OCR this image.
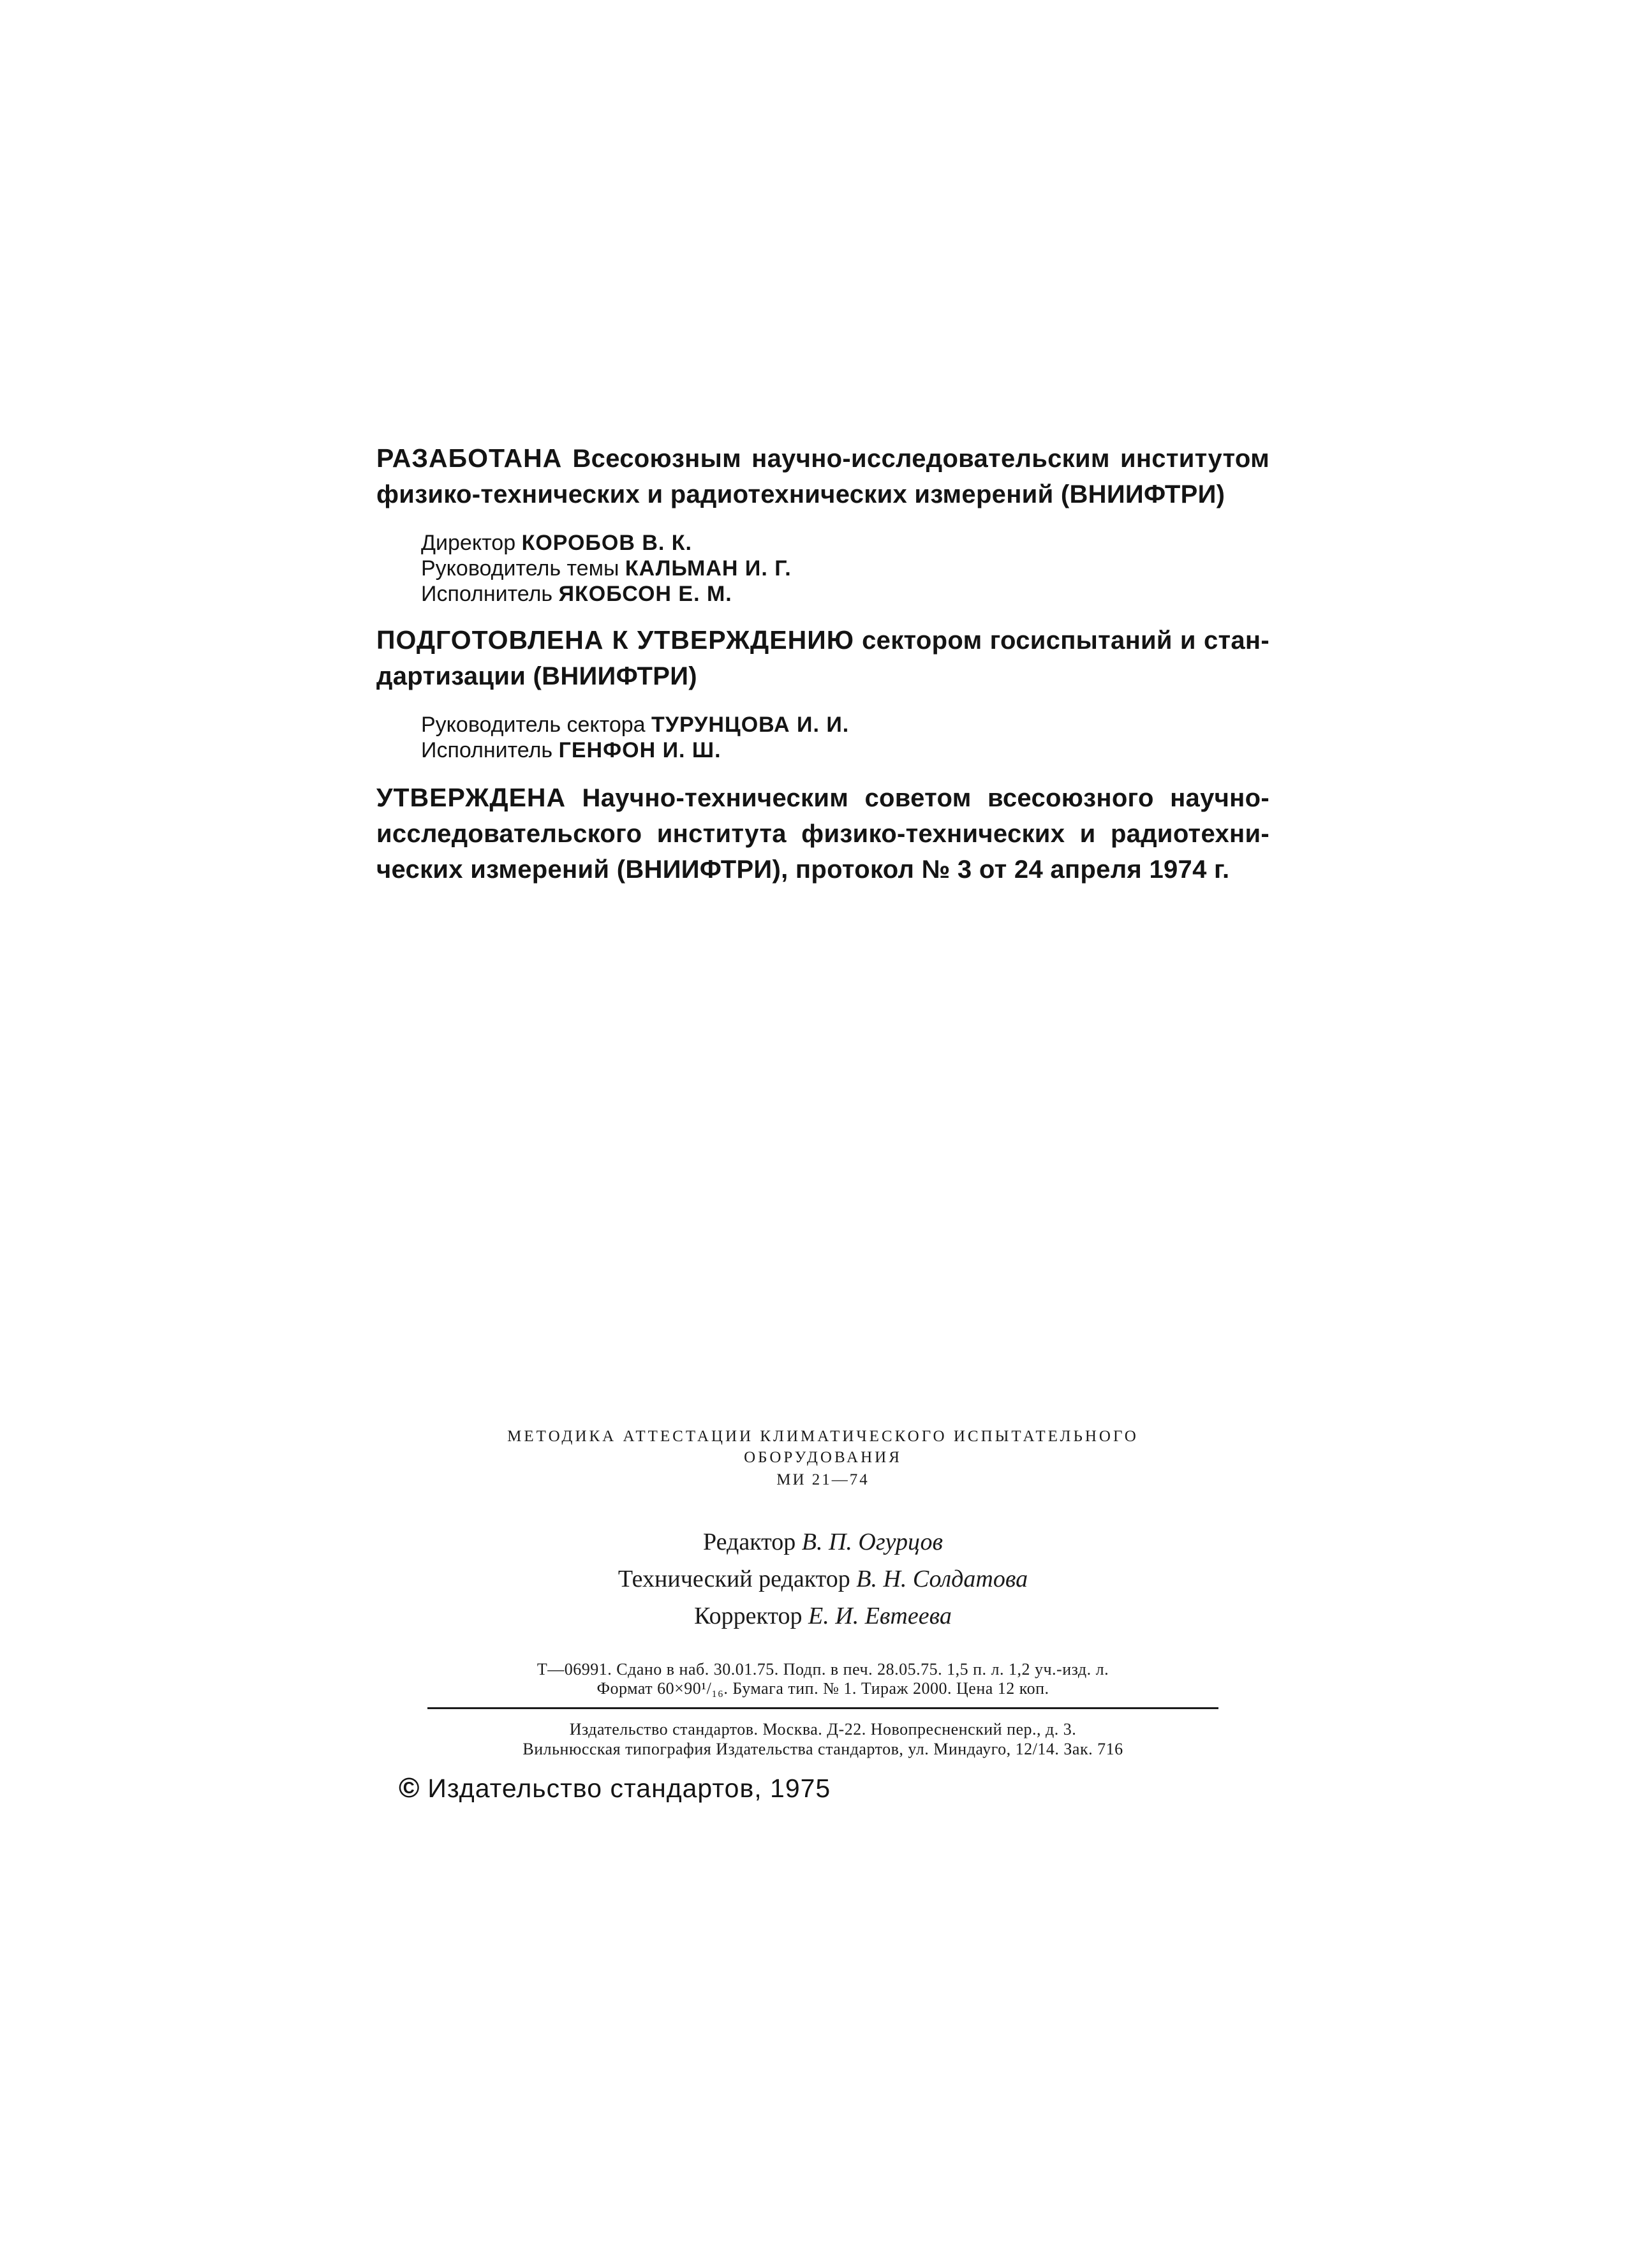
РАЗАБОТАНА Всесоюзным научно-исследовательским институтом физико-технических и радиотехнических измерений (ВНИИФТРИ)

Директор КОРОБОВ В. К.
Руководитель темы КАЛЬМАН И. Г.
Исполнитель ЯКОБСОН Е. М.

ПОДГОТОВЛЕНА К УТВЕРЖДЕНИЮ сектором госиспытаний и стан- дартизации (ВНИИФТРИ)

Руководитель сектора ТУРУНЦОВА И. И.
Исполнитель ГЕНФОН И. Ш.

УТВЕРЖДЕНА Научно-техническим советом всесоюзного научно-исследовательского института физико-технических и радиотехни- ческих измерений (ВНИИФТРИ), протокол № 3 от 24 апреля 1974 г.

МЕТОДИКА АТТЕСТАЦИИ КЛИМАТИЧЕСКОГО ИСПЫТАТЕЛЬНОГО
ОБОРУДОВАНИЯ

МИ 21—74

Редактор В. П. Огурцов
Технический редактор В. Н. Солдатова
Корректор Е. И. Евтеева
Т—06991. Сдано в наб. 30.01.75. Подп. в печ. 28.05.75. 1,5 п. л. 1,2 уч.-изд. л.
Формат 60×90¹/₁₆. Бумага тип. № 1. Тираж 2000. Цена 12 коп.
Издательство стандартов. Москва. Д-22. Новопресненский пер., д. 3.
Вильнюсская типография Издательства стандартов, ул. Миндауго, 12/14. Зак. 716
© Издательство стандартов, 1975
